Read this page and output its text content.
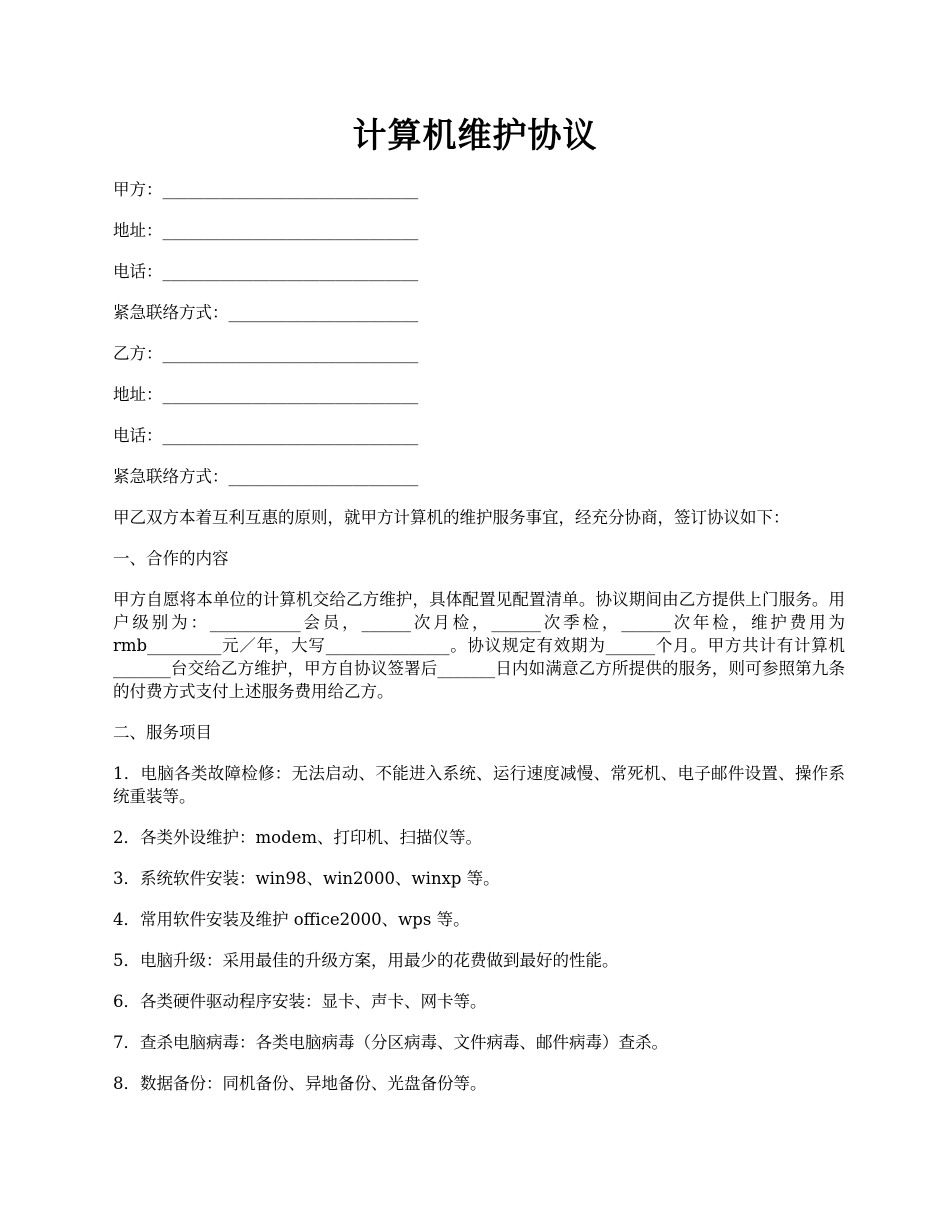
计算机维护协议
甲方：_______________________________
地址：_______________________________
电话：_______________________________
紧急联络方式：_______________________
乙方：_______________________________
地址：_______________________________
电话：_______________________________
紧急联络方式：_______________________
甲乙双方本着互利互惠的原则，就甲方计算机的维护服务事宜，经充分协商，签订协议如下：
一、合作的内容
甲方自愿将本单位的计算机交给乙方维护，具体配置见配置清单。协议期间由乙方提供上门服务。用户级别为：___________会员，______次月检，______次季检，______次年检，维护费用为rmb_________元／年，大写_______________。协议规定有效期为______个月。甲方共计有计算机_______台交给乙方维护，甲方自协议签署后_______日内如满意乙方所提供的服务，则可参照第九条的付费方式支付上述服务费用给乙方。
二、服务项目
1．电脑各类故障检修：无法启动、不能进入系统、运行速度减慢、常死机、电子邮件设置、操作系统重装等。
2．各类外设维护：modem、打印机、扫描仪等。
3．系统软件安装：win98、win2000、winxp 等。
4．常用软件安装及维护 office2000、wps 等。
5．电脑升级：采用最佳的升级方案，用最少的花费做到最好的性能。
6．各类硬件驱动程序安装：显卡、声卡、网卡等。
7．查杀电脑病毒：各类电脑病毒（分区病毒、文件病毒、邮件病毒）查杀。
8．数据备份：同机备份、异地备份、光盘备份等。
